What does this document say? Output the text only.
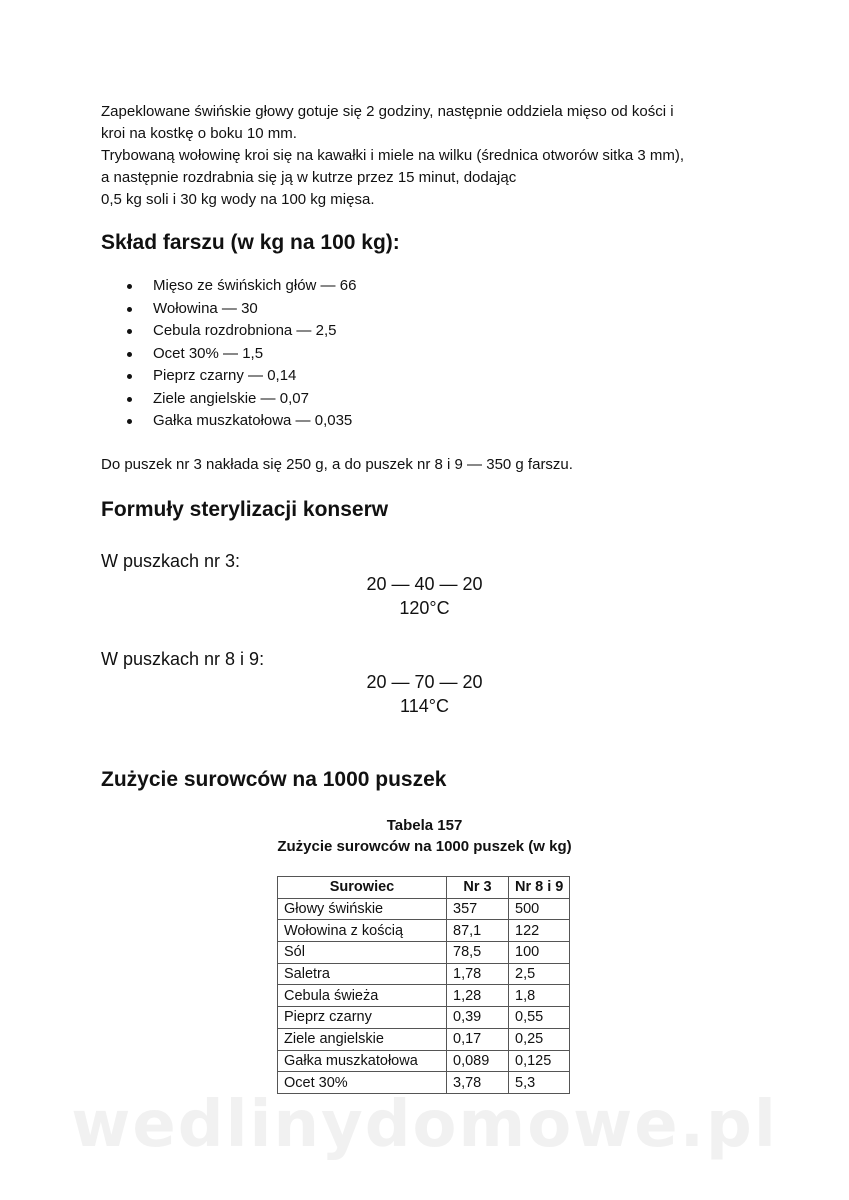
Zapeklowane świńskie głowy gotuje się 2 godziny, następnie oddziela mięso od kości i
kroi na kostkę o boku 10 mm.
Trybowaną wołowinę kroi się na kawałki i miele na wilku (średnica otworów sitka 3 mm),
a następnie rozdrabnia się ją w kutrze przez 15 minut, dodając
0,5 kg soli i 30 kg wody na 100 kg mięsa.

Skład farszu (w kg na 100 kg):
Mięso ze świńskich głów — 66
Wołowina — 30
Cebula rozdrobniona — 2,5
Ocet 30% — 1,5
Pieprz czarny — 0,14
Ziele angielskie — 0,07
Gałka muszkatołowa — 0,035

Do puszek nr 3 nakłada się 250 g, a do puszek nr 8 i 9 — 350 g farszu.

Formuły sterylizacji konserw

W puszkach nr 3:

20 — 40 — 20
120°C

W puszkach nr 8 i 9:

20 — 70 — 20
114°C

Zużycie surowców na 1000 puszek

Tabela 157
Zużycie surowców na 1000 puszek (w kg)

Surowiec	Nr 3	Nr 8 i 9
Głowy świńskie	357	500
Wołowina z kością	87,1	122
Sól	78,5	100
Saletra	1,78	2,5
Cebula świeża	1,28	1,8
Pieprz czarny	0,39	0,55
Ziele angielskie	0,17	0,25
Gałka muszkatołowa	0,089	0,125
Ocet 30%	3,78	5,3
wedlinydomowe.pl
